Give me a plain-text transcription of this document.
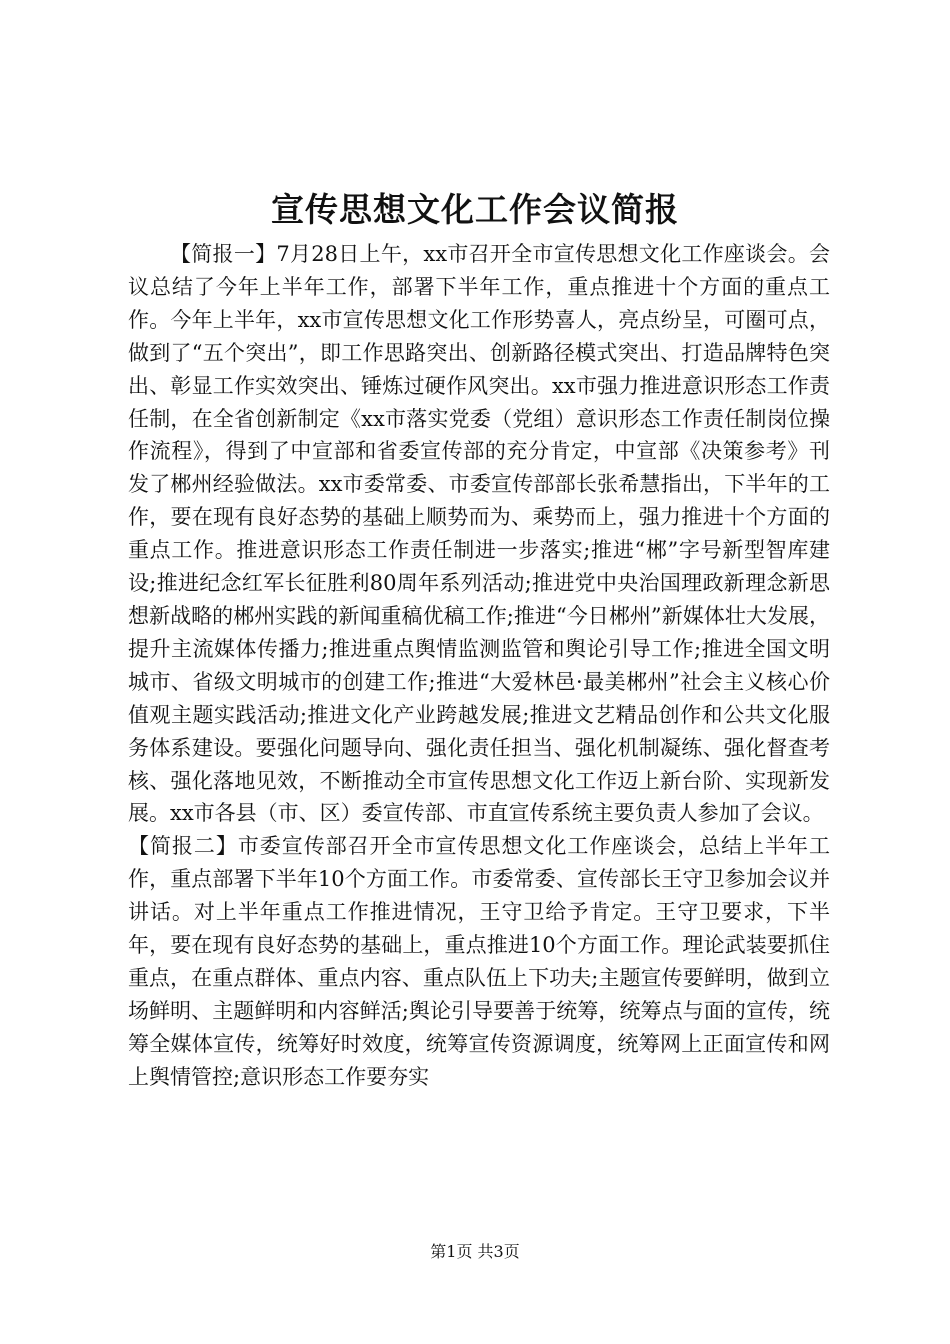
宣传思想文化工作会议简报

【简报一】7月28日上午，xx市召开全市宣传思想文化工作座谈会。会议总结了今年上半年工作，部署下半年工作，重点推进十个方面的重点工作。今年上半年，xx市宣传思想文化工作形势喜人，亮点纷呈，可圈可点，做到了“五个突出”，即工作思路突出、创新路径模式突出、打造品牌特色突出、彰显工作实效突出、锤炼过硬作风突出。xx市强力推进意识形态工作责任制，在全省创新制定《xx市落实党委（党组）意识形态工作责任制岗位操作流程》，得到了中宣部和省委宣传部的充分肯定，中宣部《决策参考》刊发了郴州经验做法。xx市委常委、市委宣传部部长张希慧指出，下半年的工作，要在现有良好态势的基础上顺势而为、乘势而上，强力推进十个方面的重点工作。推进意识形态工作责任制进一步落实;推进“郴”字号新型智库建设;推进纪念红军长征胜利80周年系列活动;推进党中央治国理政新理念新思想新战略的郴州实践的新闻重稿优稿工作;推进“今日郴州”新媒体壮大发展，提升主流媒体传播力;推进重点舆情监测监管和舆论引导工作;推进全国文明城市、省级文明城市的创建工作;推进“大爱林邑·最美郴州”社会主义核心价值观主题实践活动;推进文化产业跨越发展;推进文艺精品创作和公共文化服务体系建设。要强化问题导向、强化责任担当、强化机制凝练、强化督查考核、强化落地见效，不断推动全市宣传思想文化工作迈上新台阶、实现新发展。xx市各县（市、区）委宣传部、市直宣传系统主要负责人参加了会议。

【简报二】市委宣传部召开全市宣传思想文化工作座谈会，总结上半年工作，重点部署下半年10个方面工作。市委常委、宣传部长王守卫参加会议并讲话。对上半年重点工作推进情况，王守卫给予肯定。王守卫要求，下半年，要在现有良好态势的基础上，重点推进10个方面工作。理论武装要抓住重点，在重点群体、重点内容、重点队伍上下功夫;主题宣传要鲜明，做到立场鲜明、主题鲜明和内容鲜活;舆论引导要善于统筹，统筹点与面的宣传，统筹全媒体宣传，统筹好时效度，统筹宣传资源调度，统筹网上正面宣传和网上舆情管控;意识形态工作要夯实

第1页 共3页
